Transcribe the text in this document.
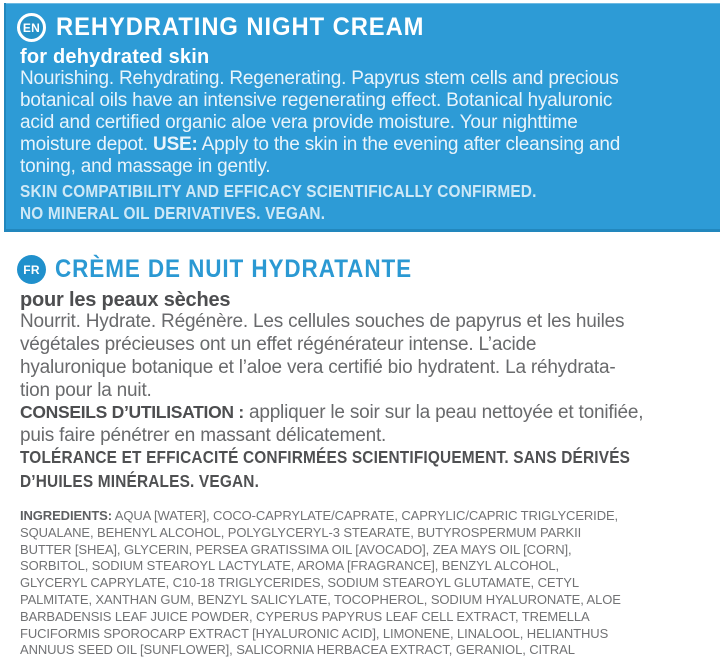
EN REHYDRATING NIGHT CREAM
for dehydrated skin
Nourishing. Rehydrating. Regenerating. Papyrus stem cells and precious
botanical oils have an intensive regenerating effect. Botanical hyaluronic
acid and certified organic aloe vera provide moisture. Your nighttime
moisture depot. USE: Apply to the skin in the evening after cleansing and
toning, and massage in gently.
SKIN COMPATIBILITY AND EFFICACY SCIENTIFICALLY CONFIRMED.
NO MINERAL OIL DERIVATIVES. VEGAN.
FR CRÈME DE NUIT HYDRATANTE
pour les peaux sèches
Nourrit. Hydrate. Régénère. Les cellules souches de papyrus et les huiles
végétales précieuses ont un effet régénérateur intense. L’acide
hyaluronique botanique et l’aloe vera certifié bio hydratent. La réhydrata-
tion pour la nuit.
CONSEILS D’UTILISATION : appliquer le soir sur la peau nettoyée et tonifiée,
puis faire pénétrer en massant délicatement.
TOLÉRANCE ET EFFICACITÉ CONFIRMÉES SCIENTIFIQUEMENT. SANS DÉRIVÉS
D’HUILES MINÉRALES. VEGAN.
INGREDIENTS: AQUA [WATER], COCO-CAPRYLATE/CAPRATE, CAPRYLIC/CAPRIC TRIGLYCERIDE,
SQUALANE, BEHENYL ALCOHOL, POLYGLYCERYL-3 STEARATE, BUTYROSPERMUM PARKII
BUTTER [SHEA], GLYCERIN, PERSEA GRATISSIMA OIL [AVOCADO], ZEA MAYS OIL [CORN],
SORBITOL, SODIUM STEAROYL LACTYLATE, AROMA [FRAGRANCE], BENZYL ALCOHOL,
GLYCERYL CAPRYLATE, C10-18 TRIGLYCERIDES, SODIUM STEAROYL GLUTAMATE, CETYL
PALMITATE, XANTHAN GUM, BENZYL SALICYLATE, TOCOPHEROL, SODIUM HYALURONATE, ALOE
BARBADENSIS LEAF JUICE POWDER, CYPERUS PAPYRUS LEAF CELL EXTRACT, TREMELLA
FUCIFORMIS SPOROCARP EXTRACT [HYALURONIC ACID], LIMONENE, LINALOOL, HELIANTHUS
ANNUUS SEED OIL [SUNFLOWER], SALICORNIA HERBACEA EXTRACT, GERANIOL, CITRAL
